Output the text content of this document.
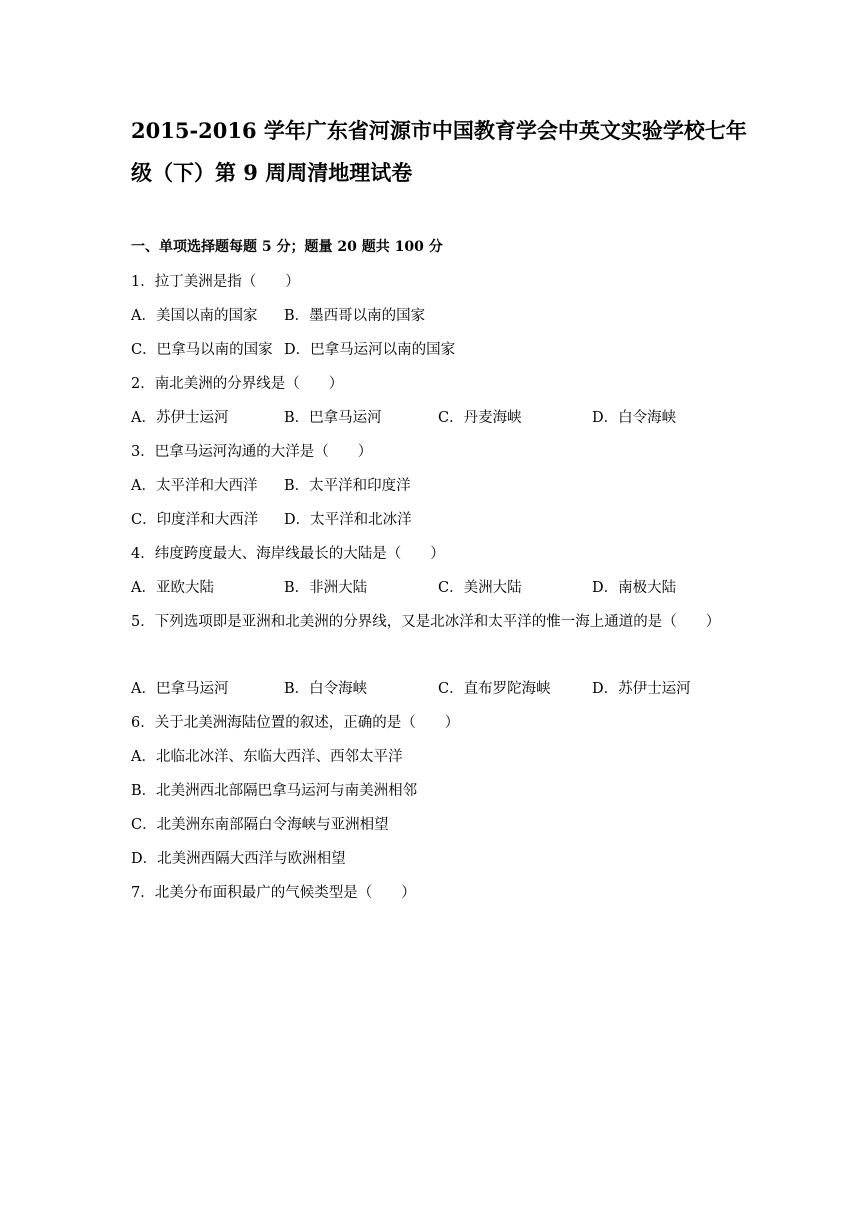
2015-2016 学年广东省河源市中国教育学会中英文实验学校七年
级（下）第 9 周周清地理试卷
一、单项选择题每题 5 分；题量 20 题共 100 分
1．拉丁美洲是指（　　）
A．美国以南的国家 B．墨西哥以南的国家
C．巴拿马以南的国家 D．巴拿马运河以南的国家
2．南北美洲的分界线是（　　）
A．苏伊士运河	B．巴拿马运河	C．丹麦海峡	D．白令海峡
3．巴拿马运河沟通的大洋是（　　）
A．太平洋和大西洋 B．太平洋和印度洋
C．印度洋和大西洋 D．太平洋和北冰洋
4．纬度跨度最大、海岸线最长的大陆是（　　）
A．亚欧大陆	B．非洲大陆	C．美洲大陆	D．南极大陆
5．下列选项即是亚洲和北美洲的分界线，又是北冰洋和太平洋的惟一海上通道的是（　　）
A．巴拿马运河	B．白令海峡	C．直布罗陀海峡	D．苏伊士运河
6．关于北美洲海陆位置的叙述，正确的是（　　）
A．北临北冰洋、东临大西洋、西邻太平洋
B．北美洲西北部隔巴拿马运河与南美洲相邻
C．北美洲东南部隔白令海峡与亚洲相望
D．北美洲西隔大西洋与欧洲相望
7．北美分布面积最广的气候类型是（　　）
